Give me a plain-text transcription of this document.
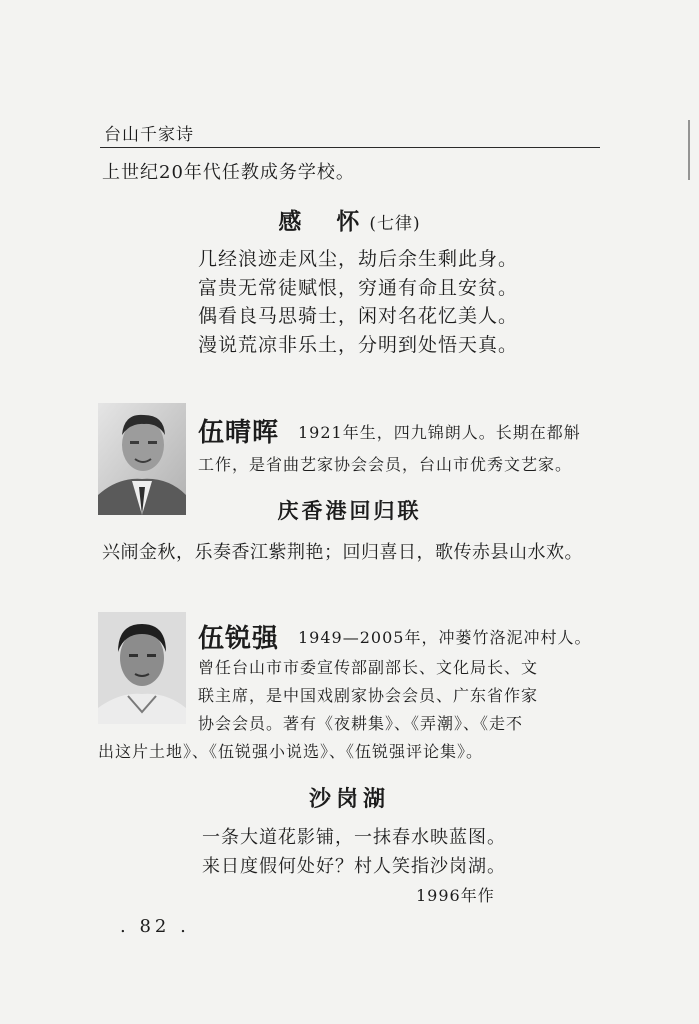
台山千家诗
上世纪20年代任教成务学校。
感　怀 (七律)
几经浪迹走风尘，劫后余生剩此身。
富贵无常徒赋恨，穷通有命且安贫。
偶看良马思骑士，闲对名花忆美人。
漫说荒凉非乐土，分明到处悟天真。
伍晴晖 1921年生，四九锦朗人。长期在都斛
工作，是省曲艺家协会会员，台山市优秀文艺家。
庆香港回归联
兴闹金秋，乐奏香江紫荆艳；回归喜日，歌传赤县山水欢。
伍锐强 1949—2005年，冲蒌竹洛泥冲村人。
曾任台山市市委宣传部副部长、文化局长、文
联主席，是中国戏剧家协会会员、广东省作家
协会会员。著有《夜耕集》、《弄潮》、《走不
出这片土地》、《伍锐强小说选》、《伍锐强评论集》。
沙岗湖
一条大道花影铺，一抹春水映蓝图。
来日度假何处好？村人笑指沙岗湖。
1996年作
. 82 .
